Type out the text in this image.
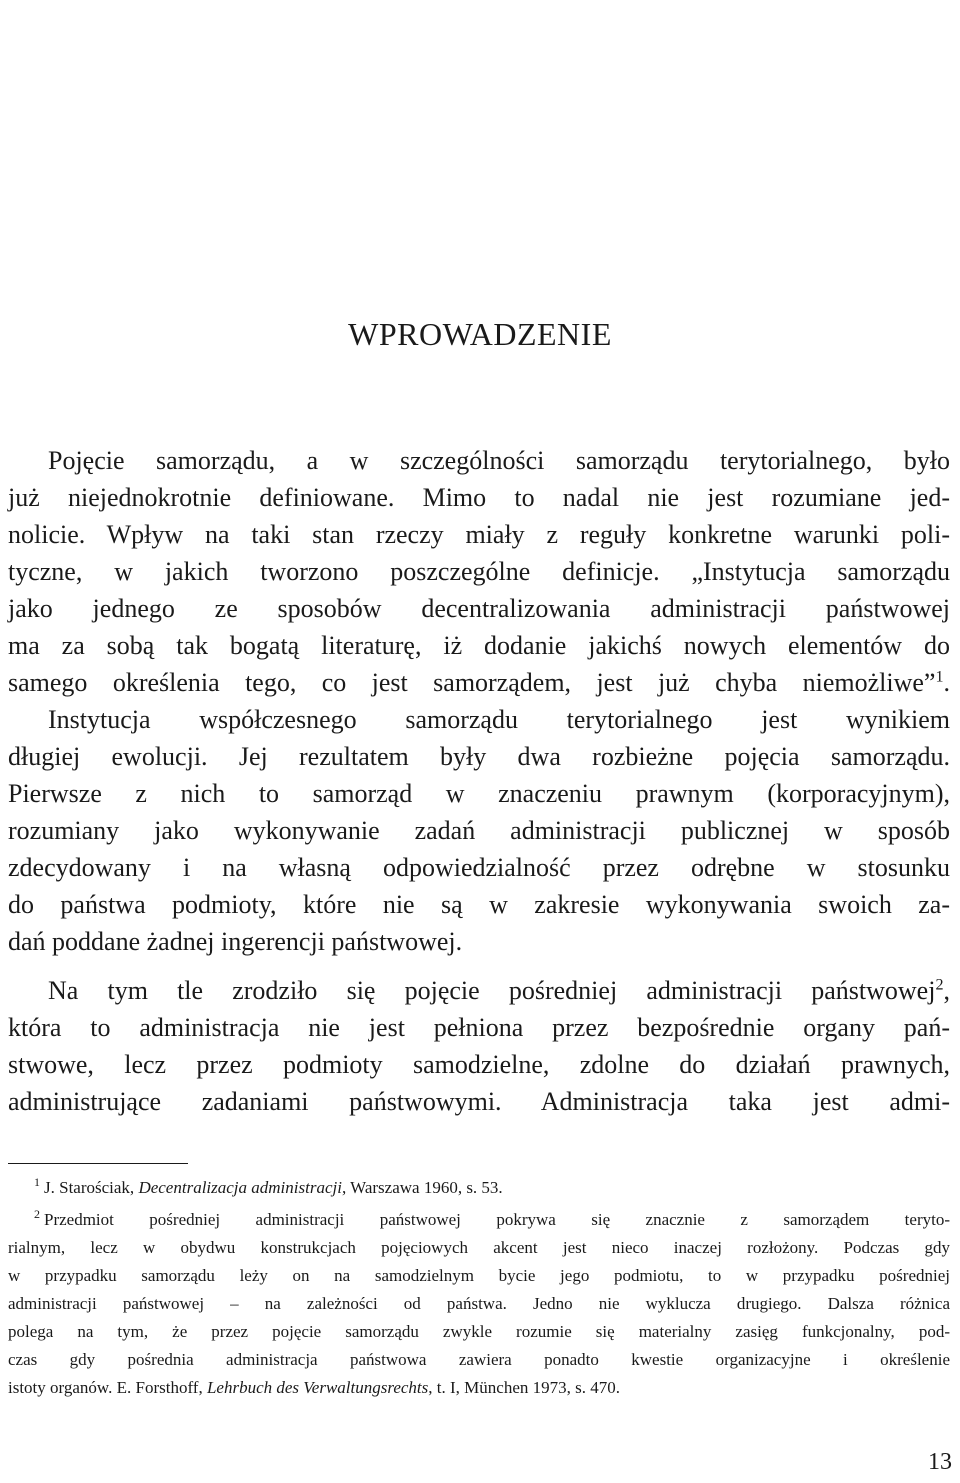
WPROWADZENIE
Pojęcie samorządu, a w szczególności samorządu terytorialnego, było
już niejednokrotnie definiowane. Mimo to nadal nie jest rozumiane jed-
nolicie. Wpływ na taki stan rzeczy miały z reguły konkretne warunki poli-
tyczne, w jakich tworzono poszczególne definicje. „Instytucja samorządu
jako jednego ze sposobów decentralizowania administracji państwowej
ma za sobą tak bogatą literaturę, iż dodanie jakichś nowych elementów do
samego określenia tego, co jest samorządem, jest już chyba niemożliwe”$^1$.
Instytucja współczesnego samorządu terytorialnego jest wynikiem
długiej ewolucji. Jej rezultatem były dwa rozbieżne pojęcia samorządu.
Pierwsze z nich to samorząd w znaczeniu prawnym (korporacyjnym),
rozumiany jako wykonywanie zadań administracji publicznej w sposób
zdecydowany i na własną odpowiedzialność przez odrębne w stosunku
do państwa podmioty, które nie są w zakresie wykonywania swoich za-
dań poddane żadnej ingerencji państwowej.
Na tym tle zrodziło się pojęcie pośredniej administracji państwowej$^2$,
która to administracja nie jest pełniona przez bezpośrednie organy pań-
stwowe, lecz przez podmioty samodzielne, zdolne do działań prawnych,
administrujące zadaniami państwowymi. Administracja taka jest admi-
$^1$ J. Starościak, Decentralizacja administracji, Warszawa 1960, s. 53.
$^2$ Przedmiot pośredniej administracji państwowej pokrywa się znacznie z samorządem teryto-
rialnym, lecz w obydwu konstrukcjach pojęciowych akcent jest nieco inaczej rozłożony. Podczas gdy
w przypadku samorządu leży on na samodzielnym bycie jego podmiotu, to w przypadku pośredniej
administracji państwowej – na zależności od państwa. Jedno nie wyklucza drugiego. Dalsza różnica
polega na tym, że przez pojęcie samorządu zwykle rozumie się materialny zasięg funkcjonalny, pod-
czas gdy pośrednia administracja państwowa zawiera ponadto kwestie organizacyjne i określenie
istoty organów. E. Forsthoff, Lehrbuch des Verwaltungsrechts, t. I, München 1973, s. 470.
13
